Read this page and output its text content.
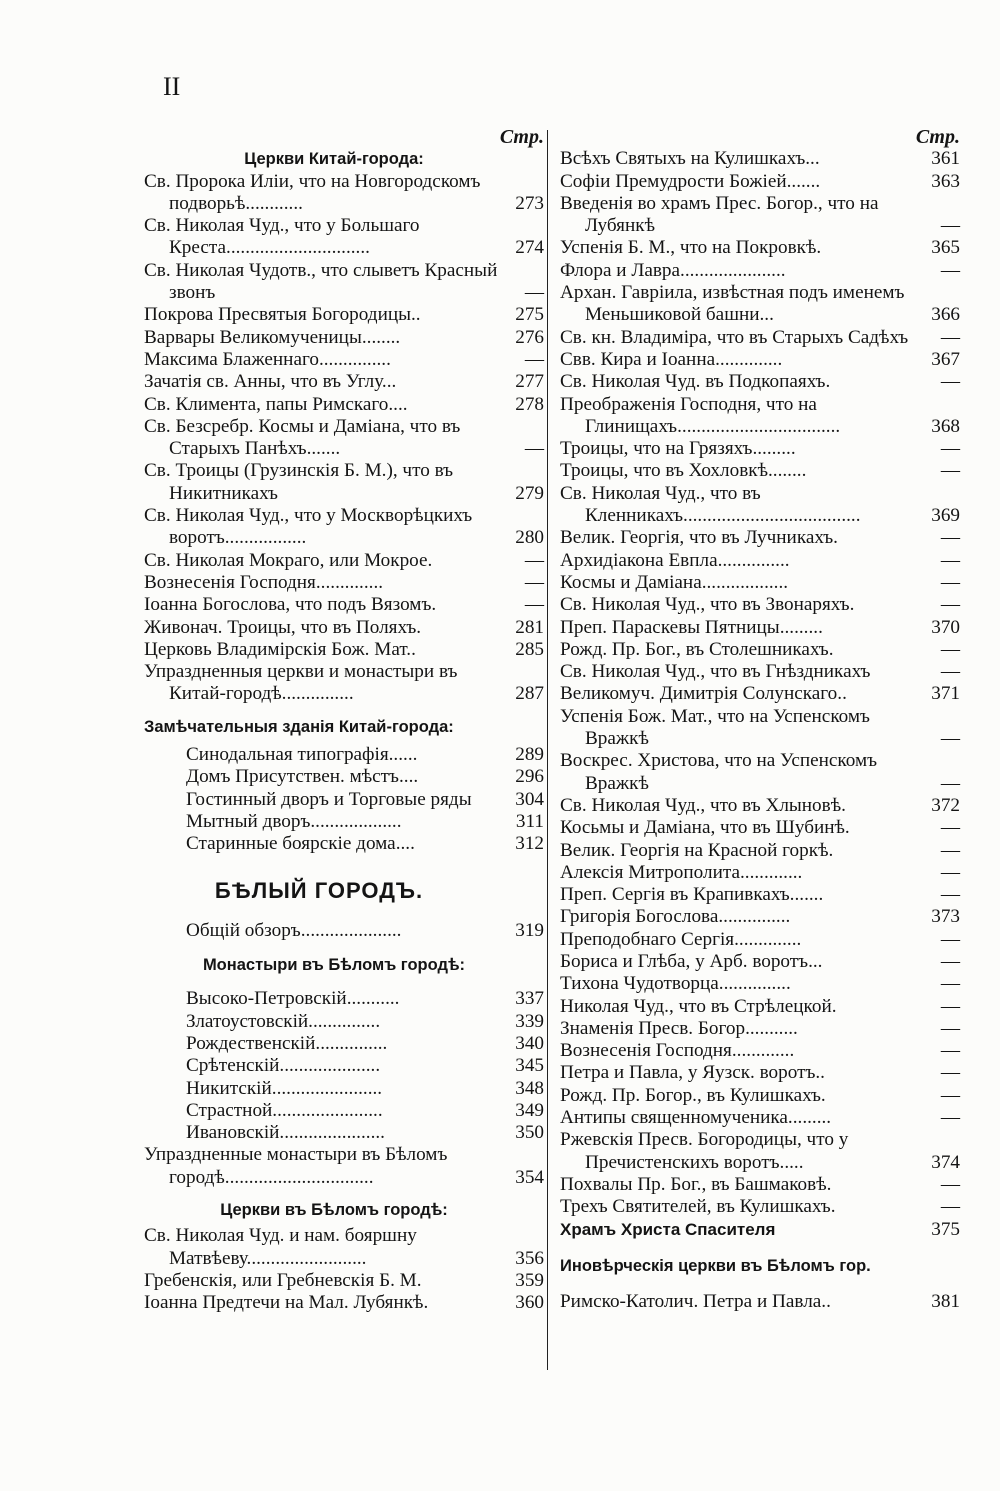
II
Стр.
Церкви Китай-города:
Св. Пророка Илiи, что на Новгородскомъ подворьѣ............	273
Св. Николая Чуд., что у Большаго Креста..............................	274
Св. Николая Чудотв., что слыветъ Красный звонъ	—
Покрова Пресвятыя Богородицы..	275
Варвары Великомученицы........	276
Максима Блаженнаго...............	—
Зачатiя св. Анны, что въ Углу...	277
Св. Климента, папы Римскаго....	278
Св. Безсребр. Космы и Дамiана, что въ Старыхъ Панѣхъ.......	—
Св. Троицы (Грузинскiя Б. М.), что въ Никитникахъ	279
Св. Николая Чуд., что у Москворѣцкихъ воротъ.................	280
Св. Николая Мокраго, или Мокрое.	—
Вознесенiя Господня..............	—
Iоанна Богослова, что подъ Вязомъ.	—
Живонач. Троицы, что въ Поляхъ.	281
Церковь Владимiрскiя Бож. Мат..	285
Упраздненныя церкви и монастыри въ Китай-городѣ...............	287
Замѣчательныя зданiя Китай-города:
Синодальная типографiя......	289
Домъ Присутствен. мѣстъ....	296
Гостинный дворъ и Торговые ряды	304
Мытный дворъ...................	311
Старинные боярскiе дома....	312
БѢЛЫЙ ГОРОДЪ.
Общiй обзоръ.....................	319
Монастыри въ Бѣломъ городѣ:
Высоко-Петровскiй...........	337
Златоустовскiй...............	339
Рождественскiй...............	340
Срѣтенскiй.....................	345
Никитскiй.......................	348
Страстной.......................	349
Ивановскiй......................	350
Упраздненные монастыри въ Бѣломъ городѣ...............................	354
Церкви въ Бѣломъ городѣ:
Св. Николая Чуд. и нам. бояршну Матвѣеву.........................	356
Гребенскiя, или Гребневскiя Б. М.	359
Iоанна Предтечи на Мал. Лубянкѣ.	360
Стр.
Всѣхъ Святыхъ на Кулишкахъ...	361
Софiи Премудрости Божiей.......	363
Введенiя во храмъ Прес. Богор., что на Лубянкѣ	—
Успенiя Б. М., что на Покровкѣ.	365
Флора и Лавра......................	—
Архан. Гаврiила, извѣстная подъ именемъ Меньшиковой башни...	366
Св. кн. Владимiра, что въ Старыхъ Садѣхъ	—
Свв. Кира и Iоанна..............	367
Св. Николая Чуд. въ Подкопаяхъ.	—
Преображенiя Господня, что на Глинищахъ..................................	368
Троицы, что на Грязяхъ.........	—
Троицы, что въ Хохловкѣ........	—
Св. Николая Чуд., что въ Кленникахъ.....................................	369
Велик. Георгiя, что въ Лучникахъ.	—
Архидiакона Евпла...............	—
Космы и Дамiана..................	—
Св. Николая Чуд., что въ Звонаряхъ.	—
Преп. Параскевы Пятницы.........	370
Рожд. Пр. Бог., въ Столешникахъ.	—
Св. Николая Чуд., что въ Гнѣздникахъ	—
Великомуч. Димитрiя Солунскаго..	371
Успенiя Бож. Мат., что на Успенскомъ Вражкѣ	—
Воскрес. Христова, что на Успенскомъ Вражкѣ	—
Св. Николая Чуд., что въ Хлыновѣ.	372
Косьмы и Дамiана, что въ Шубинѣ.	—
Велик. Георгiя на Красной горкѣ.	—
Алексiя Митрополита.............	—
Преп. Сергiя въ Крапивкахъ.......	—
Григорiя Богослова...............	373
Преподобнаго Сергiя..............	—
Бориса и Глѣба, у Арб. воротъ...	—
Тихона Чудотворца...............	—
Николая Чуд., что въ Стрѣлецкой.	—
Знаменiя Пресв. Богор...........	—
Вознесенiя Господня.............	—
Петра и Павла, у Яузск. воротъ..	—
Рожд. Пр. Богор., въ Кулишкахъ.	—
Антипы священномученика.........	—
Ржевскiя Пресв. Богородицы, что у Пречистенскихъ воротъ.....	374
Похвалы Пр. Бог., въ Башмаковѣ.	—
Трехъ Святителей, въ Кулишкахъ.	—
Храмъ Христа Спасителя	375
Иновѣрческiя церкви въ Бѣломъ гор.
Римско-Католич. Петра и Павла..	381
